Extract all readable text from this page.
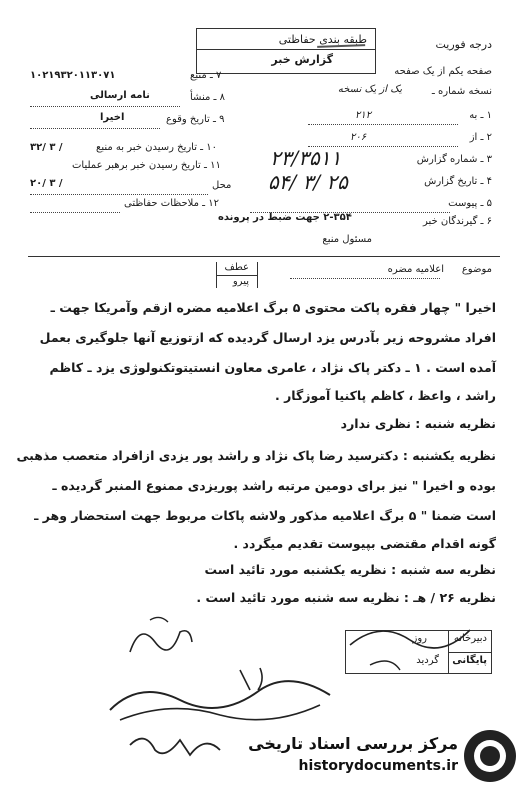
درجه فوریت
طبقه بندی حفاظتی
گزارش خبر
صفحه یکم از یک صفحه
نسخه شماره ـ
یک از یک نسخه
۱ ـ به
۲۱۲
۲ ـ از
۲۰۶
۳ ـ شماره گزارش
۲۳/۳۵۱۱
۴ ـ تاریخ گزارش
۵۴/ ۳/ ۲۵
۵ ـ پیوست
۶ ـ گیرندگان خبر
۲-۳۵۴ جهت ضبط در پرونده
مسئول منبع
۷ ـ منبع
۱۰۲۱۹۳۲۰۱۱۳۰۷۱
۸ ـ منشأ
نامه ارسالی
۹ ـ تاریخ وقوع
اخیرا
۱۰ ـ تاریخ رسیدن خبر به منبع
۳۲/ ۳ /
۱۱ ـ تاریخ رسیدن خبر برهبر عملیات
محل
۲۰/ ۳ /
۱۲ ـ ملاحظات حفاظتی
عطف
پیرو
موضوع
اعلامیه مضره
اخیرا " چهار فقره پاکت محتوی ۵ برگ اعلامیه مضره ازقم وآمریکا جهت ـ
افراد مشروحه زیر بآدرس یزد ارسال گردیده که ازتوزیع آنها جلوگیری بعمل
آمده است . ۱ ـ دکتر پاک نژاد ، عامری معاون انستیتوتکنولوژی یزد ـ کاظم
راشد ، واعظ ، کاظم پاکنیا آموزگار .
نظریه شنبه : نظری ندارد
نظریه یکشنبه : دکترسید رضا پاک نژاد و راشد پور یزدی ازافراد متعصب مذهبی
بوده و اخیرا " نیز برای دومین مرتبه راشد پوریزدی ممنوع المنبر گردیده ـ
است ضمنا " ۵ برگ اعلامیه مذکور ولاشه پاکات مربوط جهت استحضار وهر ـ
گونه اقدام مقتضی بپیوست تقدیم میگردد .
نظریه سه شنبه : نظریه یکشنبه مورد تائید است
نظریه ۲۶ / هـ : نظریه سه شنبه مورد تائید است .
دبیرخانه
روز
پایگانی
گردید
مرکز بررسی اسناد تاریخی
historydocuments.ir
